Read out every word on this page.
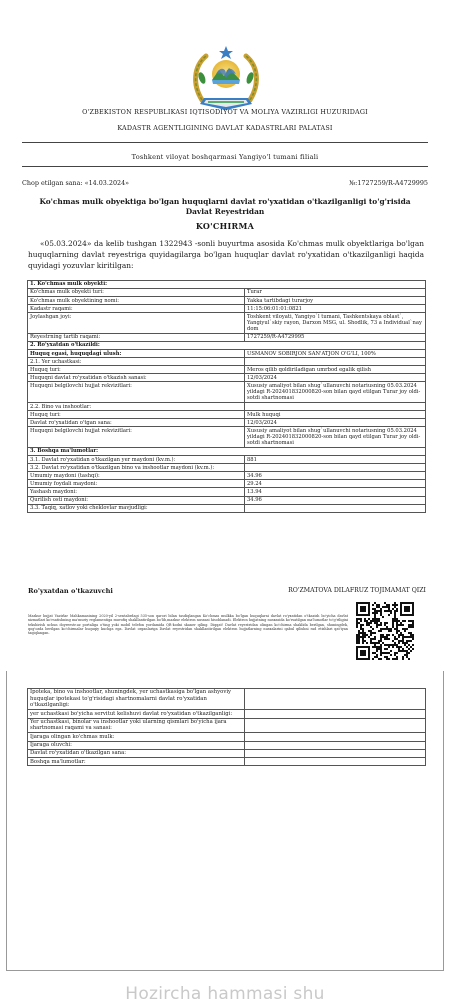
O'ZBEKISTON RESPUBLIKASI IQTISODIYOT VA MOLIYA VAZIRLIGI HUZURIDAGI
KADASTR AGENTLIGINING DAVLAT KADASTRLARI PALATASI
Toshkent viloyat boshqarmasi Yangiyo'l tumani filiali
Chop etilgan sana: «14.03.2024»	№:1727259/R-A4729995
Ko'chmas mulk obyektiga bo'lgan huquqlarni davlat ro'yxatidan o'tkazilganligi to'g'risida Davlat Reyestridan
KO'CHIRMA
«05.03.2024» da kelib tushgan 1322943 -sonli buyurtma asosida Ko'chmas mulk obyektlariga bo'lgan huquqlarning davlat reyestriga quyidagilarga bo'lgan huquqlar davlat ro'yxatidan o'tkazilganligi haqida quyidagi yozuvlar kiritilgan:
1. Ko'chmas mulk obyekti:	
Ko'chmas mulk obyekti turi:	Turar
Ko'chmas mulk obyektining nomi:	Yakka tartibdagi turarjoy
Kadastr raqami:	11:15:06:01:01:0821
Joylashgan joyi:	Toshkent viloyati, Yangiyo`l tumani, Tashkentskaya oblast`, Yangiyul`skiy rayon, Darxon MSG, ul. Shodlik, 73 a Individual`nay dom
Reyestrning tartib raqami:	1727259/R-A4729995
2. Ro'yxatdan o'tkazildi:	
Huquq egasi, huquqdagi ulush:	USMANOV SOBIRJON SAN'ATJON O'G'LI, 100%
2.1. Yer uchastkasi:	
Huquq turi:	Meros qilib qoldiriladigan umrbod egalik qilish
Huquqni davlat ro'yxatidan o'tkazish sanasi:	12/03/2024
Huquqni belgilovchi hujjat rekvizitlari:	Xususiy amaliyot bilan shug`ullanuvchi notariusning 05.03.2024 yildagi R-202401832000820-son bilan qayd etilgan Turar joy oldi-sotdi shartnomasi
2.2. Bino va inshootlar:	
Huquq turi:	Mulk huquqi
Davlat ro'yxatidan o'tgan sana:	12/03/2024
Huquqni belgilovchi hujjat rekvizitlari:	Xususiy amaliyot bilan shug`ullanuvchi notariusning 05.03.2024 yildagi R-202401832000820-son bilan qayd etilgan Turar joy oldi-sotdi shartnomasi
3. Boshqa ma'lumotlar:	
3.1. Davlat ro'yxatidan o'tkazilgan yer maydoni (kv.m.):	881
3.2. Davlat ro'yxatidan o'tkazilgan bino va inshootlar maydoni (kv.m.):	
Umumiy maydoni (tashqi):	34.96
Umumiy foydali maydoni:	29.24
Yashash maydoni:	13.94
Qurilish osti maydoni:	34.96
3.3. Taqiq, xatlov yoki cheklovlar mavjudligi:	
Ro'yxatdan o'tkazuvchi	RO'ZMATOVA DILAFRUZ TOJIMAMAT QIZI
Mazkur hujjat Vazirlar Mahkamasining 2020-yil 2-sentabrdagi 535-son qarori bilan tasdiqlangan Ko'chmas mulkka bo'lgan huquqlarni davlat ro'yxatidan o'tkazish bo'yicha davlat xizmatlari ko'rsatishning ma'muriy reglamentiga muvofiq shakllantirilgan bo'lib,mazkur elektron nusxasi hisoblanadi. Elektron hujjatning nusxasida ko'rsatilgan ma'lumotlar to'g'riligini tekshirish uchun doyreestr.uz portaliga o'ting yoki mobil telefon yordamida QR-kodni skaner qiling. Diqqat! Davlat reyestridan olingan ko'chirma shaklida berilgan, shuningdek, qog'ozda berilgan ko'chirmalar huquqiy kuchga ega. Davlat organlariga Davlat reyestridan shakllantirilgan elektron hujjatlarning nusxalarini qabul qilishni rad etishlari qat'iyan taqiqlangan.
Ipoteka, bino va inshootlar, shuningdek, yer uchastkasiga bo'lgan ashyoviy huquqlar ipotekasi to'g'risidagi shartnomalarni davlat ro'yxatidan o'tkazilganligi:	
yer uchastkasi bo'yicha servitut kelishuvi davlat ro'yxatidan o'tkazilganligi:	
Yer uchastkasi, binolar va inshootlar yoki ularning qismlari bo'yicha ijara shartnomasi raqami va sanasi:	
Ijaraga olingan ko'chmas mulk:	
Ijaraga oluvchi:	
Davlat ro'yxatidan o'tkazilgan sana:	
Boshqa ma'lumotlar:	
Hozircha hammasi shu
